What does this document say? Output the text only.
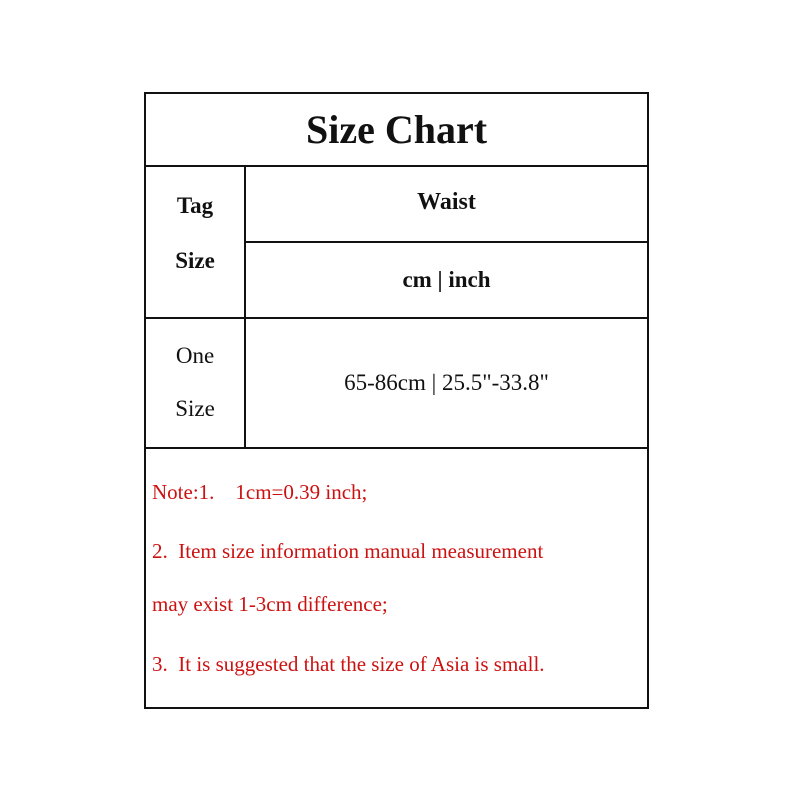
Size Chart
Tag
Size
Waist
cm | inch
One
Size
65-86cm | 25.5"-33.8"
Note:1.    1cm=0.39 inch;
2.  Item size information manual measurement
may exist 1-3cm difference;
3.  It is suggested that the size of Asia is small.
